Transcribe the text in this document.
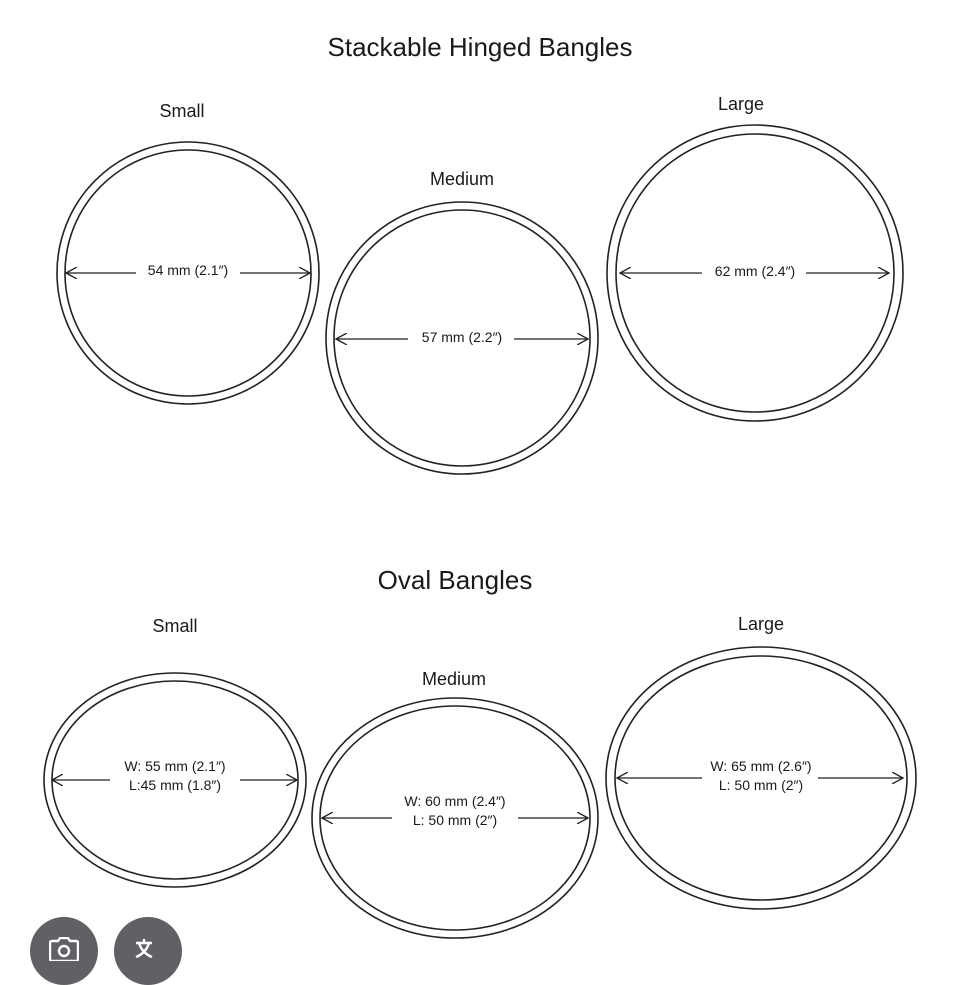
Stackable Hinged Bangles
Small
54 mm (2.1″)
Medium
57 mm (2.2″)
Large
62 mm (2.4″)
Oval Bangles
Small
W: 55 mm (2.1″)
L:45 mm (1.8″)
Medium
W: 60 mm (2.4″)
L: 50 mm (2″)
Large
W: 65 mm (2.6″)
L: 50 mm (2″)
